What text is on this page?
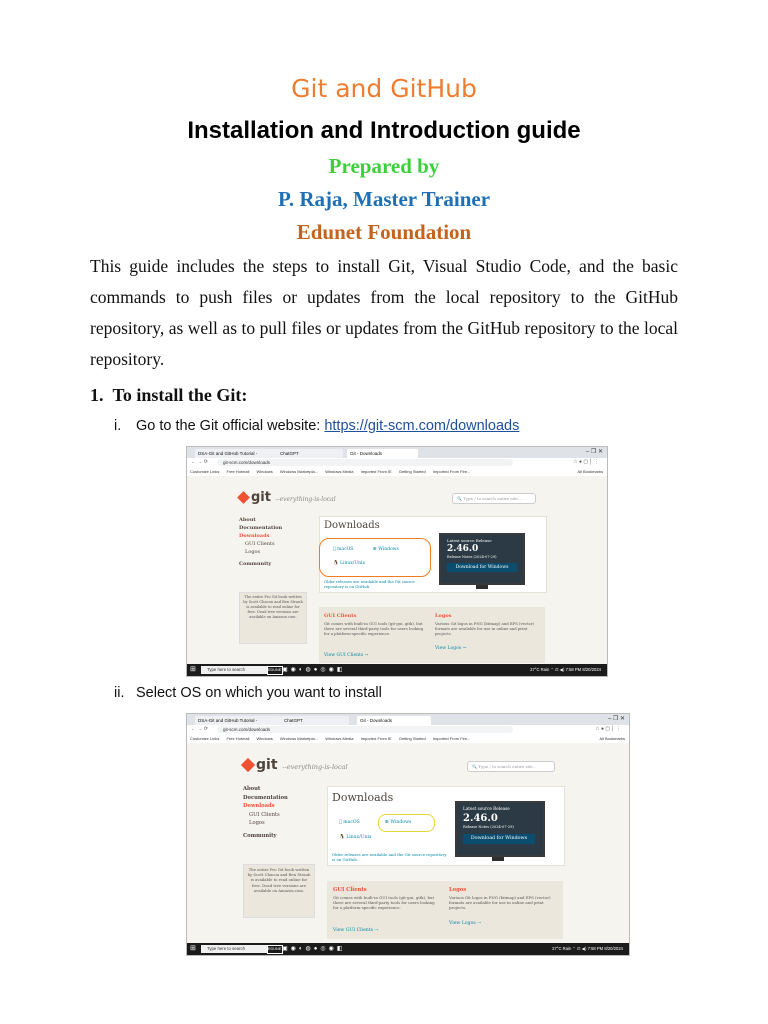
Git and GitHub
Installation and Introduction guide
Prepared by
P. Raja, Master Trainer
Edunet Foundation
This guide includes the steps to install Git, Visual Studio Code, and the basic commands to push files or updates from the local repository to the GitHub repository, as well as to pull files or updates from the GitHub repository to the local repository.
1. To install the Git:
i. Go to the Git official website: https://git-scm.com/downloads
DSA-Git and GitHub Tutorial -	ChatGPT	Git - Downloads	– ❐ ✕
← → ⟳	git-scm.com/downloads	☆ ● ▢ │ ⋮
Customize Links Free Hotmail Windows Windows Marketpla... Windows Media Imported From IE Getting Started Imported From Fire...	All Bookmarks
git --everything-is-local	🔍 Type / to search entire site...
About
Documentation
Downloads
GUI Clients
Logos
Community
The entire Pro Git book written by Scott Chacon and Ben Straub is available to read online for free. Dead tree versions are available on Amazon.com.
Downloads
macOS	⊞ Windows
🐧 Linux/Unix
Older releases are available and the Git source repository is on GitHub.
Latest source Release
2.46.0
Release Notes (2024-07-29)
Download for Windows
GUI Clients
Git comes with built-in GUI tools (git-gui, gitk), but there are several third-party tools for users looking for a platform-specific experience.
View GUI Clients →
Logos
Various Git logos in PNG (bitmap) and EPS (vector) formats are available for use in online and print projects.
View Logos →
⊞	Type here to search	EDUNET
▣◉◐◍●◎◉◧	27°C Rain ⌃ ⊡ ◀) 7:58 PM 8/20/2024
ii. Select OS on which you want to install
DSA-Git and GitHub Tutorial -	ChatGPT	Git - Downloads	– ❐ ✕
← → ⟳	git-scm.com/downloads	☆ ● ▢ │ ⋮
Customize Links Free Hotmail Windows Windows Marketpla... Windows Media Imported From IE Getting Started Imported From Fire...	All Bookmarks
git --everything-is-local	🔍 Type / to search entire site...
About
Documentation
Downloads
GUI Clients
Logos
Community
The entire Pro Git book written by Scott Chacon and Ben Straub is available to read online for free. Dead tree versions are available on Amazon.com.
Downloads
macOS	⊞ Windows
🐧 Linux/Unix
Older releases are available and the Git source repository is on GitHub.
Latest source Release
2.46.0
Release Notes (2024-07-29)
Download for Windows
GUI Clients
Git comes with built-in GUI tools (git-gui, gitk), but there are several third-party tools for users looking for a platform-specific experience.
View GUI Clients →
Logos
Various Git logos in PNG (bitmap) and EPS (vector) formats are available for use in online and print projects.
View Logos →
⊞	Type here to search	EDUNET
▣◉◐◍●◎◉◧	27°C Rain ⌃ ⊡ ◀) 7:58 PM 8/20/2024
